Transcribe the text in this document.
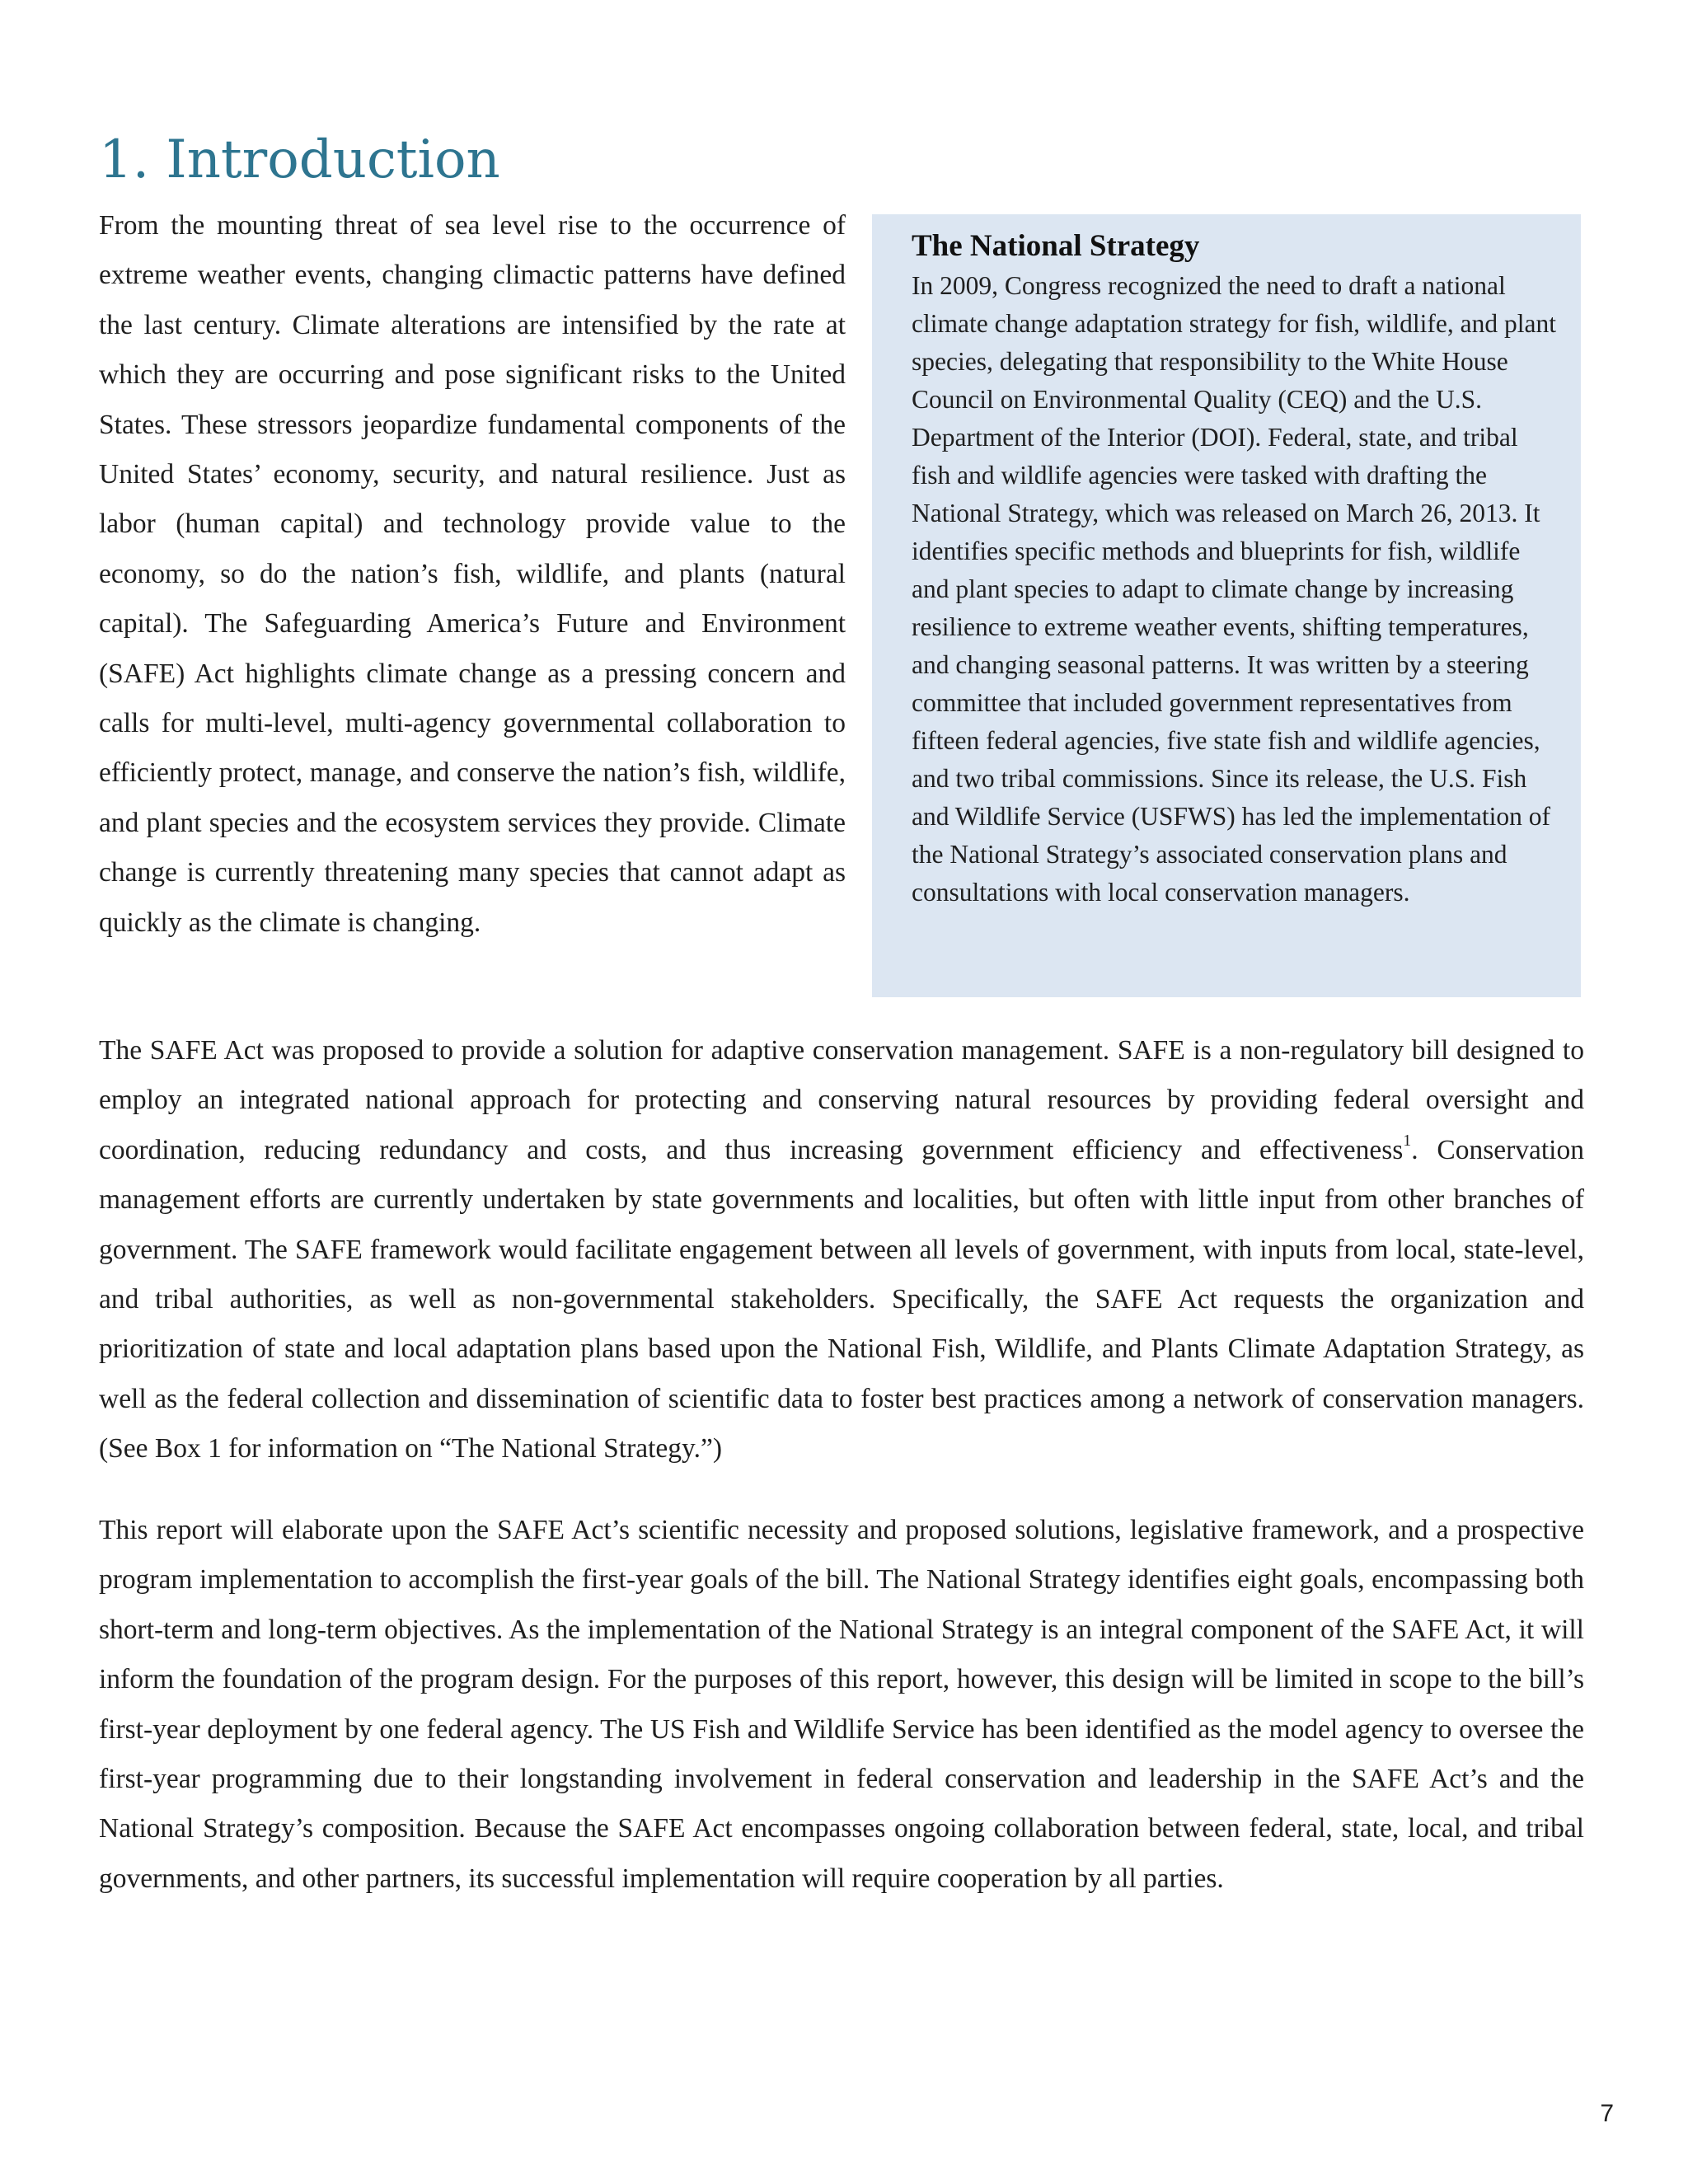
1. Introduction

From the mounting threat of sea level rise to the occurrence of extreme weather events, changing climactic patterns have defined the last century. Climate alterations are intensified by the rate at which they are occurring and pose significant risks to the United States. These stressors jeopardize fundamental components of the United States’ economy, security, and natural resilience. Just as labor (human capital) and technology provide value to the economy, so do the nation’s fish, wildlife, and plants (natural capital). The Safeguarding America’s Future and Environment (SAFE) Act highlights climate change as a pressing concern and calls for multi-level, multi-agency governmental collaboration to efficiently protect, manage, and conserve the nation’s fish, wildlife, and plant species and the ecosystem services they provide. Climate change is currently threatening many species that cannot adapt as quickly as the climate is changing.

The National Strategy

In 2009, Congress recognized the need to draft a national climate change adaptation strategy for fish, wildlife, and plant species, delegating that responsibility to the White House Council on Environmental Quality (CEQ) and the U.S. Department of the Interior (DOI). Federal, state, and tribal fish and wildlife agencies were tasked with drafting the National Strategy, which was released on March 26, 2013. It identifies specific methods and blueprints for fish, wildlife and plant species to adapt to climate change by increasing resilience to extreme weather events, shifting temperatures, and changing seasonal patterns. It was written by a steering committee that included government representatives from fifteen federal agencies, five state fish and wildlife agencies, and two tribal commissions. Since its release, the U.S. Fish and Wildlife Service (USFWS) has led the implementation of the National Strategy’s associated conservation plans and consultations with local conservation managers.

The SAFE Act was proposed to provide a solution for adaptive conservation management. SAFE is a non-regulatory bill designed to employ an integrated national approach for protecting and conserving natural resources by providing federal oversight and coordination, reducing redundancy and costs, and thus increasing government efficiency and effectiveness$^1$. Conservation management efforts are currently undertaken by state governments and localities, but often with little input from other branches of government. The SAFE framework would facilitate engagement between all levels of government, with inputs from local, state-level, and tribal authorities, as well as non-governmental stakeholders. Specifically, the SAFE Act requests the organization and prioritization of state and local adaptation plans based upon the National Fish, Wildlife, and Plants Climate Adaptation Strategy, as well as the federal collection and dissemination of scientific data to foster best practices among a network of conservation managers. (See Box 1 for information on “The National Strategy.”)

This report will elaborate upon the SAFE Act’s scientific necessity and proposed solutions, legislative framework, and a prospective program implementation to accomplish the first-year goals of the bill. The National Strategy identifies eight goals, encompassing both short-term and long-term objectives. As the implementation of the National Strategy is an integral component of the SAFE Act, it will inform the foundation of the program design. For the purposes of this report, however, this design will be limited in scope to the bill’s first-year deployment by one federal agency. The US Fish and Wildlife Service has been identified as the model agency to oversee the first-year programming due to their longstanding involvement in federal conservation and leadership in the SAFE Act’s and the National Strategy’s composition. Because the SAFE Act encompasses ongoing collaboration between federal, state, local, and tribal governments, and other partners, its successful implementation will require cooperation by all parties.

7
